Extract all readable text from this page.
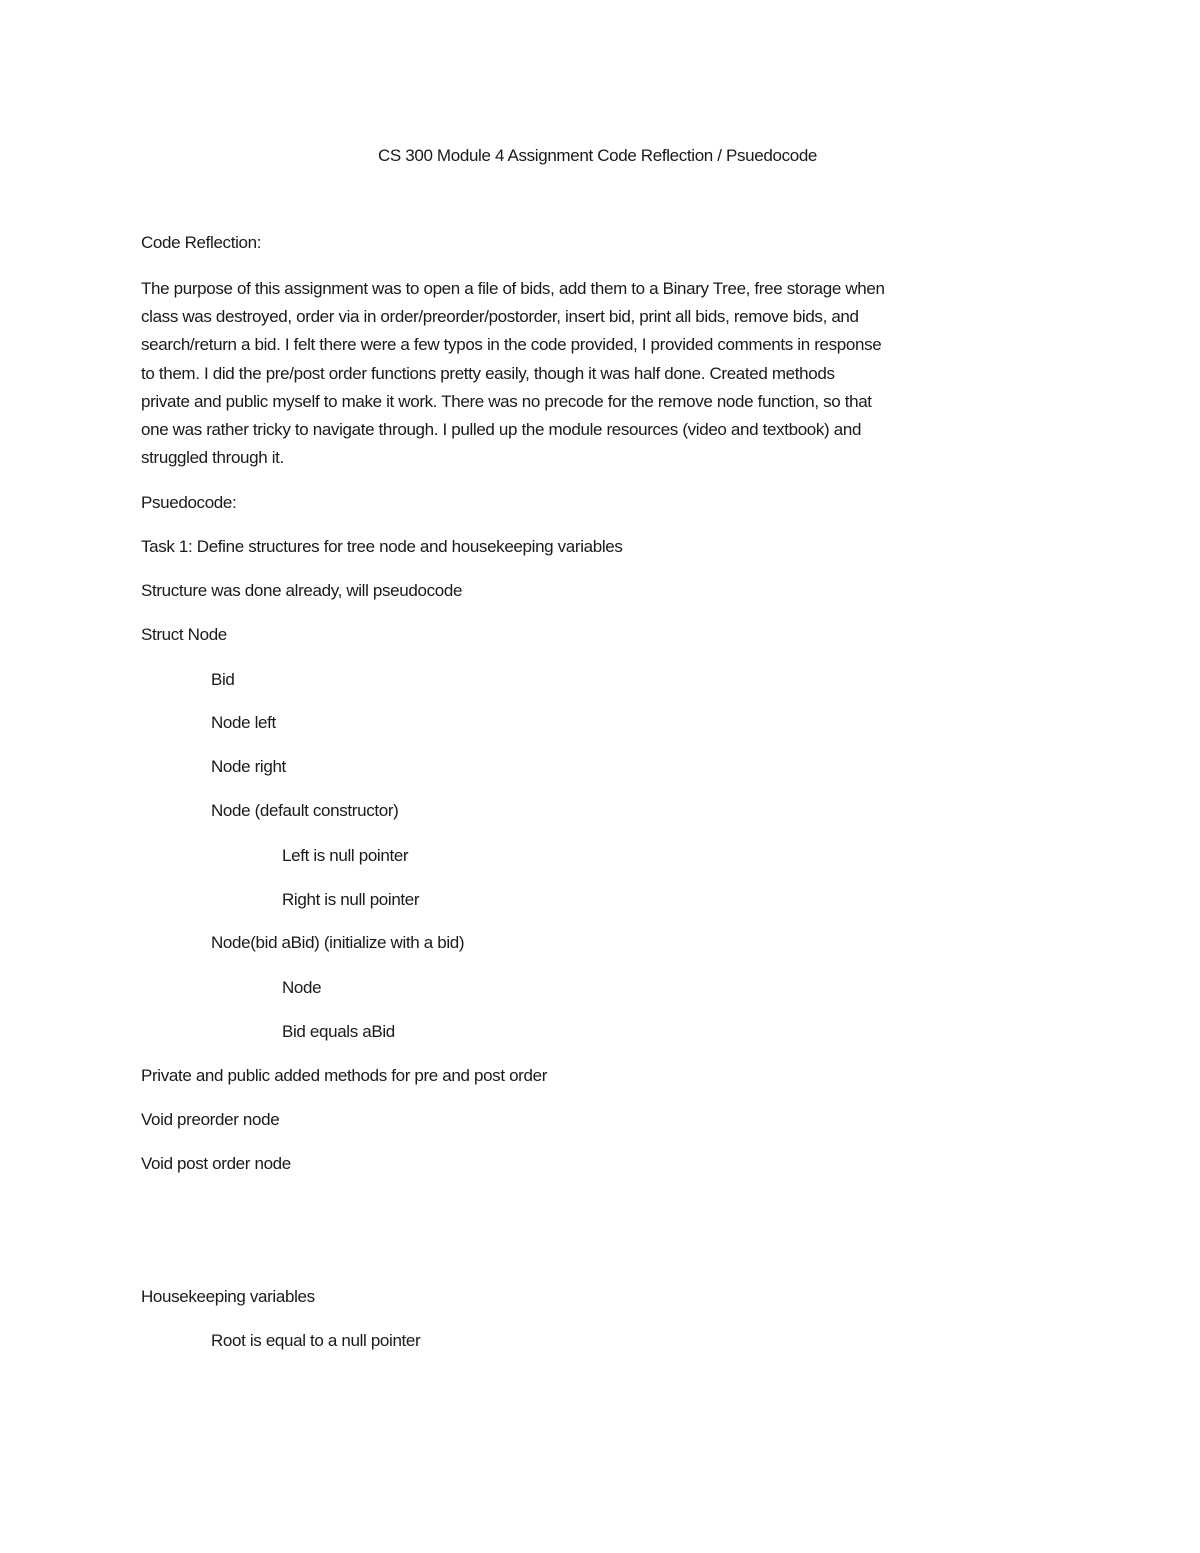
CS 300 Module 4 Assignment Code Reflection / Psuedocode
Code Reflection:
The purpose of this assignment was to open a file of bids, add them to a Binary Tree, free storage when
class was destroyed, order via in order/preorder/postorder, insert bid, print all bids, remove bids, and
search/return a bid. I felt there were a few typos in the code provided, I provided comments in response
to them. I did the pre/post order functions pretty easily, though it was half done. Created methods
private and public myself to make it work. There was no precode for the remove node function, so that
one was rather tricky to navigate through. I pulled up the module resources (video and textbook) and
struggled through it.
Psuedocode:
Task 1: Define structures for tree node and housekeeping variables
Structure was done already, will pseudocode
Struct Node
Bid
Node left
Node right
Node (default constructor)
Left is null pointer
Right is null pointer
Node(bid aBid) (initialize with a bid)
Node
Bid equals aBid
Private and public added methods for pre and post order
Void preorder node
Void post order node
Housekeeping variables
Root is equal to a null pointer
